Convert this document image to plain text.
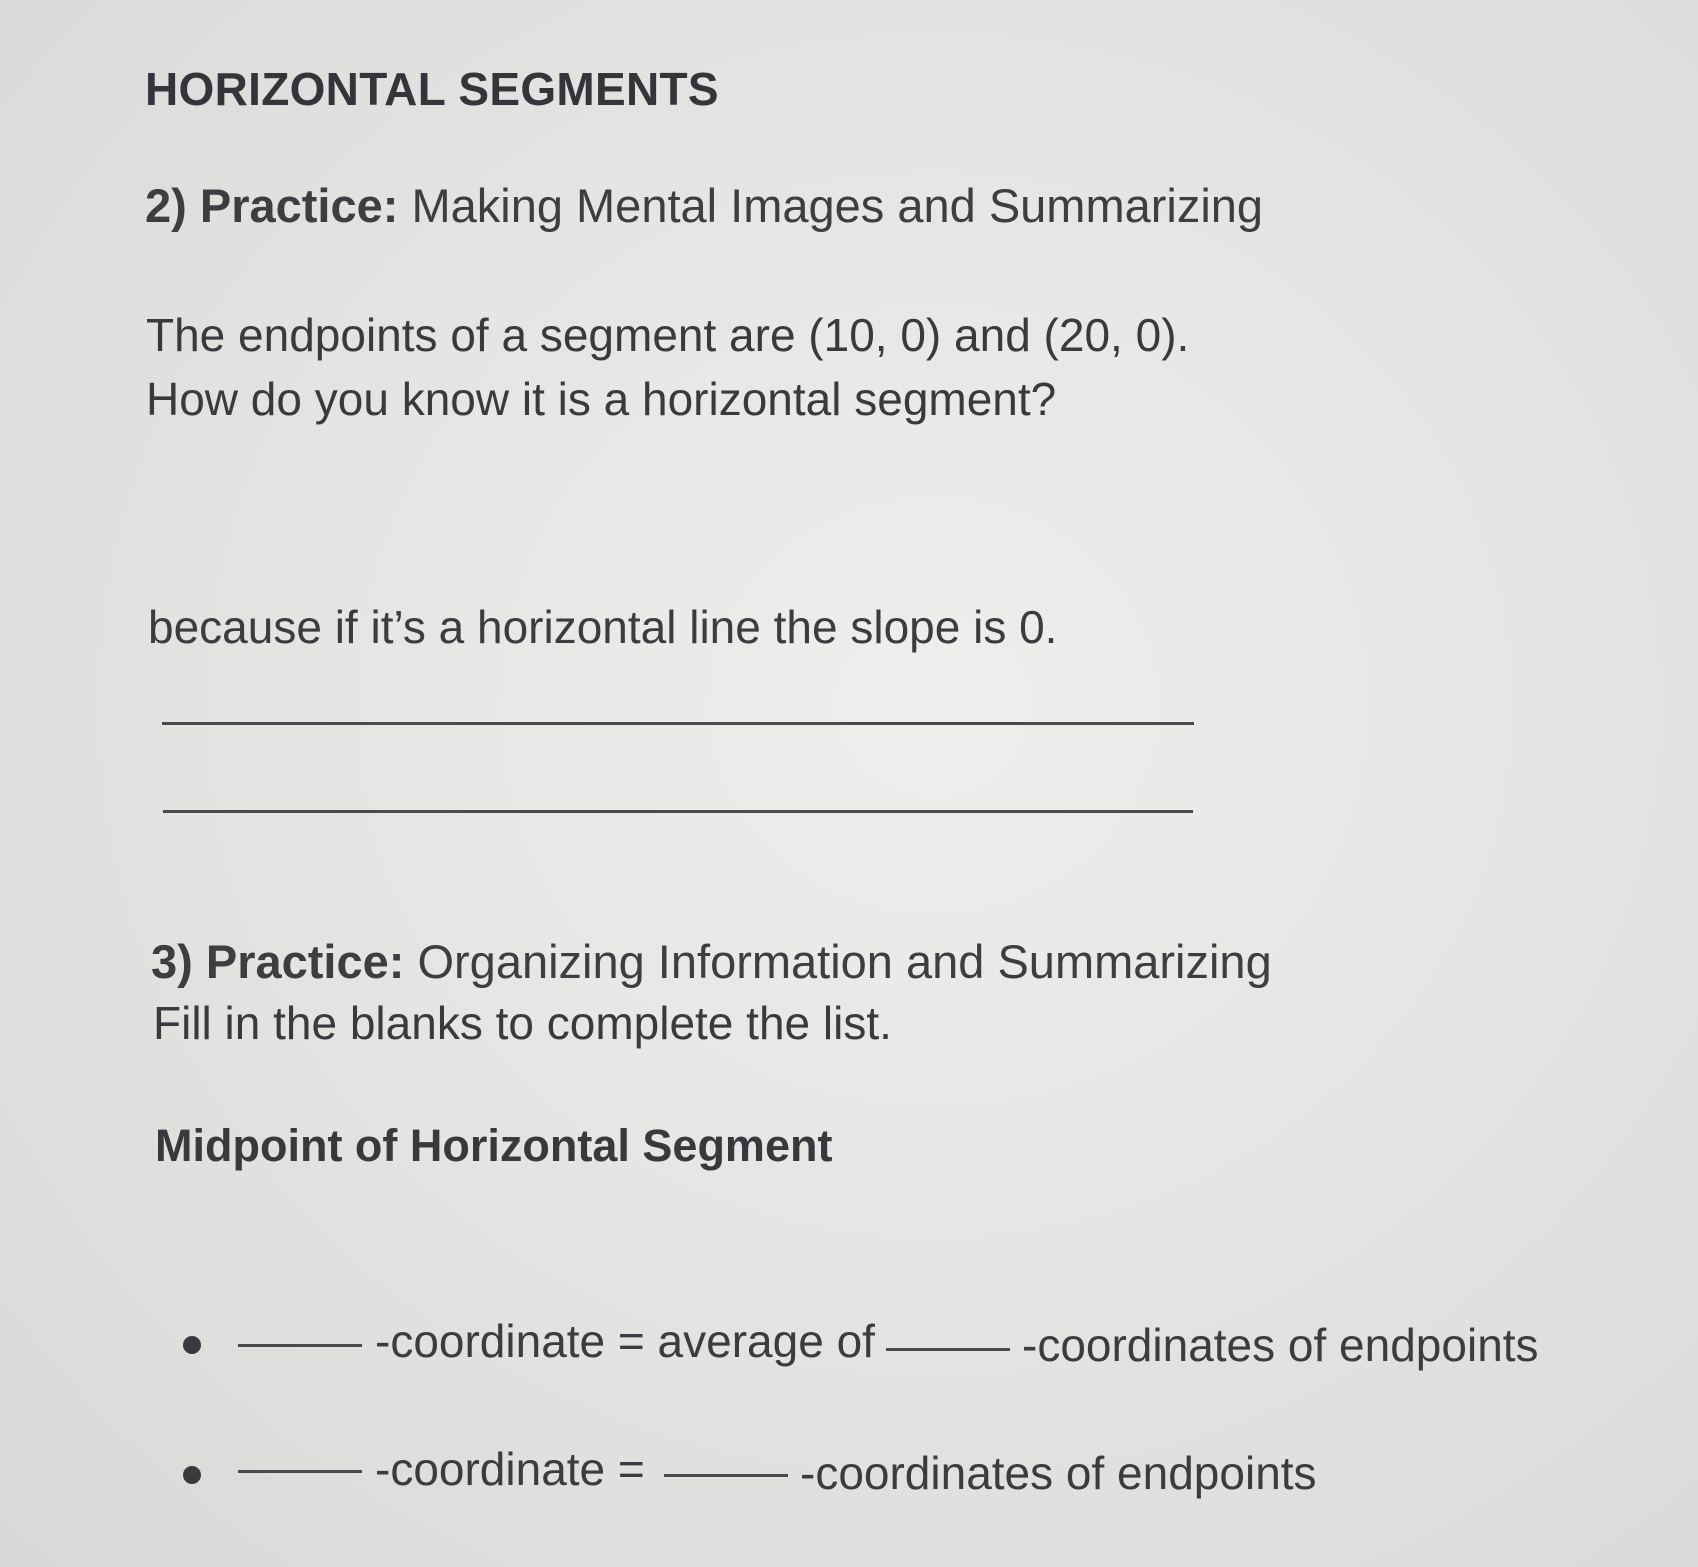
HORIZONTAL SEGMENTS
2) Practice: Making Mental Images and Summarizing
The endpoints of a segment are (10, 0) and (20, 0).
How do you know it is a horizontal segment?
because if it’s a horizontal line the slope is 0.
3) Practice: Organizing Information and Summarizing
Fill in the blanks to complete the list.
Midpoint of Horizontal Segment
-coordinate = average of	-coordinates of endpoints
-coordinate =	-coordinates of endpoints
